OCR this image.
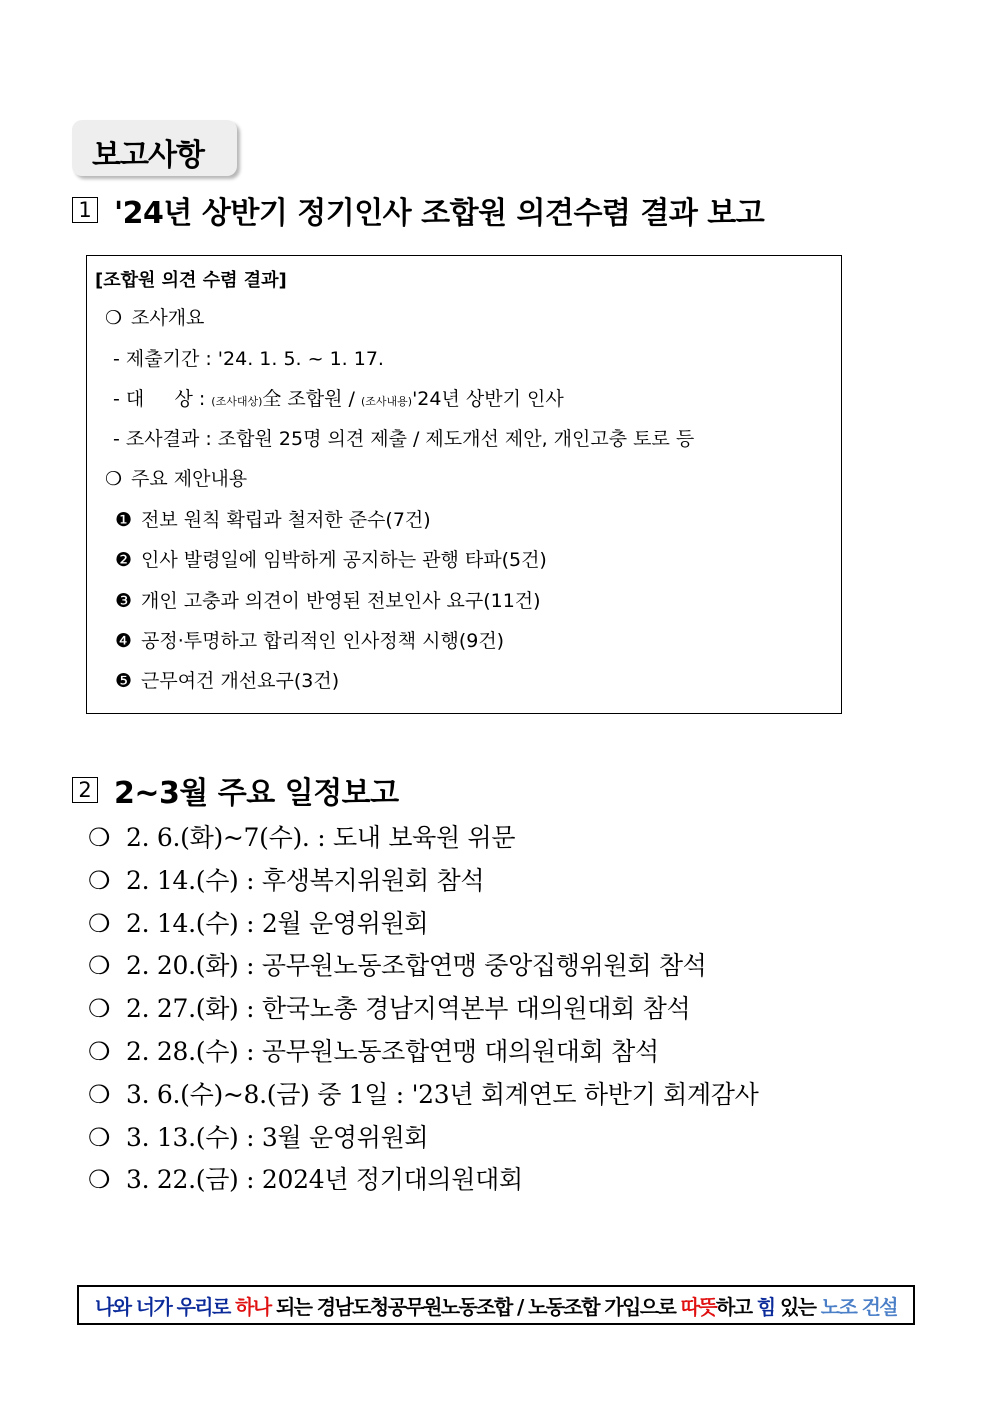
보고사항
1 '24년 상반기 정기인사 조합원 의견수렴 결과 보고
[조합원 의견 수렴 결과]
❍ 조사개요
- 제출기간 : '24. 1. 5. ~ 1. 17.
- 대     상 : (조사대상)全 조합원 / (조사내용)'24년 상반기 인사
- 조사결과 : 조합원 25명 의견 제출 / 제도개선 제안, 개인고충 토로 등
❍ 주요 제안내용
❶ 전보 원칙 확립과 철저한 준수(7건)
❷ 인사 발령일에 임박하게 공지하는 관행 타파(5건)
❸ 개인 고충과 의견이 반영된 전보인사 요구(11건)
❹ 공정·투명하고 합리적인 인사정책 시행(9건)
❺ 근무여건 개선요구(3건)
2 2~3월 주요 일정보고
❍ 2. 6.(화)~7(수). : 도내 보육원 위문
❍ 2. 14.(수) : 후생복지위원회 참석
❍ 2. 14.(수) : 2월 운영위원회
❍ 2. 20.(화) : 공무원노동조합연맹 중앙집행위원회 참석
❍ 2. 27.(화) : 한국노총 경남지역본부 대의원대회 참석
❍ 2. 28.(수) : 공무원노동조합연맹 대의원대회 참석
❍ 3. 6.(수)~8.(금) 중 1일 : '23년 회계연도 하반기 회계감사
❍ 3. 13.(수) : 3월 운영위원회
❍ 3. 22.(금) : 2024년 정기대의원대회
나와 너가 우리로 하나 되는 경남도청공무원노동조합 / 노동조합 가입으로 따뜻 하고 힘 있는 노조 건설
